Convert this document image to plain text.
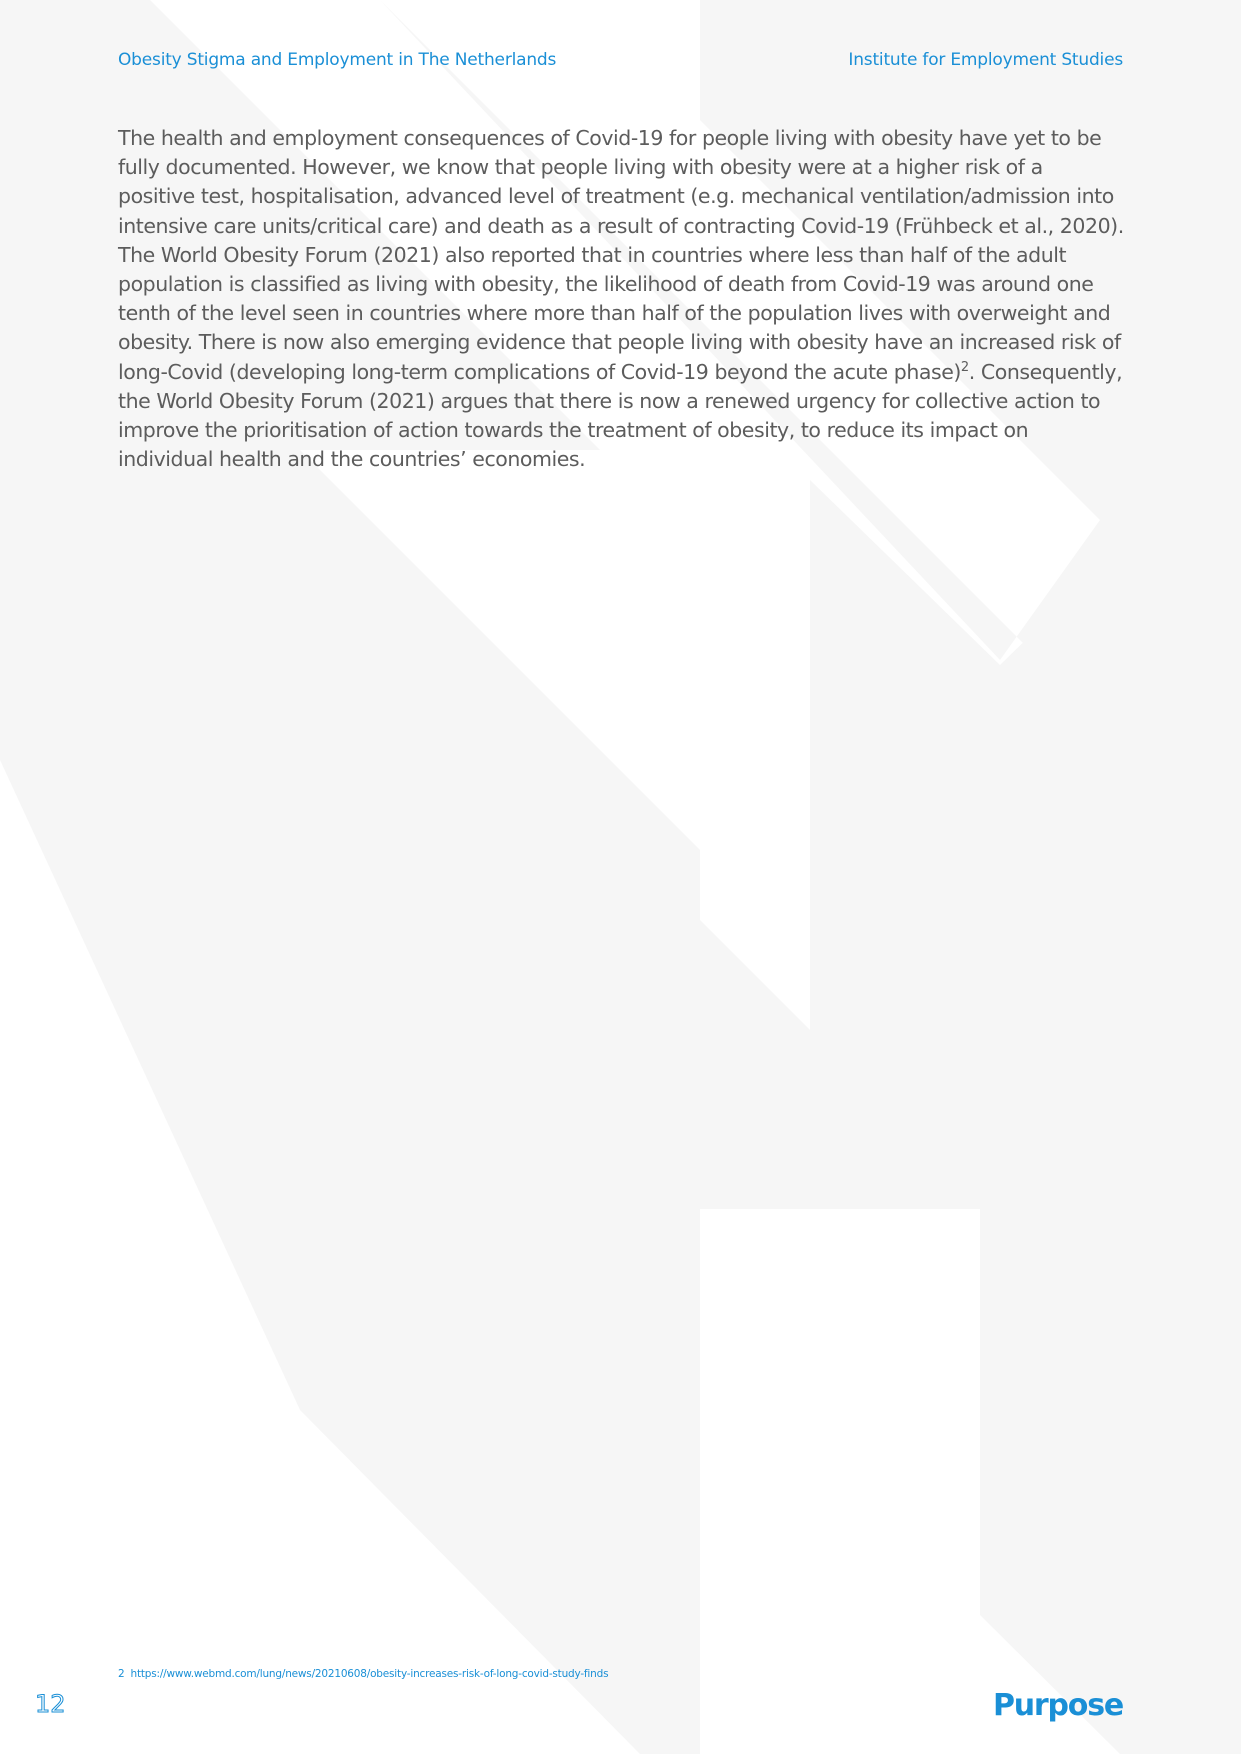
Obesity Stigma and Employment in The Netherlands	Institute for Employment Studies

The health and employment consequences of Covid-19 for people living with obesity have yet to be fully documented. However, we know that people living with obesity were at a higher risk of a positive test, hospitalisation, advanced level of treatment (e.g. mechanical ventilation/admission into intensive care units/critical care) and death as a result of contracting Covid-19 (Frühbeck et al., 2020). The World Obesity Forum (2021) also reported that in countries where less than half of the adult population is classified as living with obesity, the likelihood of death from Covid-19 was around one tenth of the level seen in countries where more than half of the population lives with overweight and obesity. There is now also emerging evidence that people living with obesity have an increased risk of long-Covid (developing long-term complications of Covid-19 beyond the acute phase)$^2$. Consequently, the World Obesity Forum (2021) argues that there is now a renewed urgency for collective action to improve the prioritisation of action towards the treatment of obesity, to reduce its impact on individual health and the countries’ economies.

2 https://www.webmd.com/lung/news/20210608/obesity-increases-risk-of-long-covid-study-finds
12	Purpose
